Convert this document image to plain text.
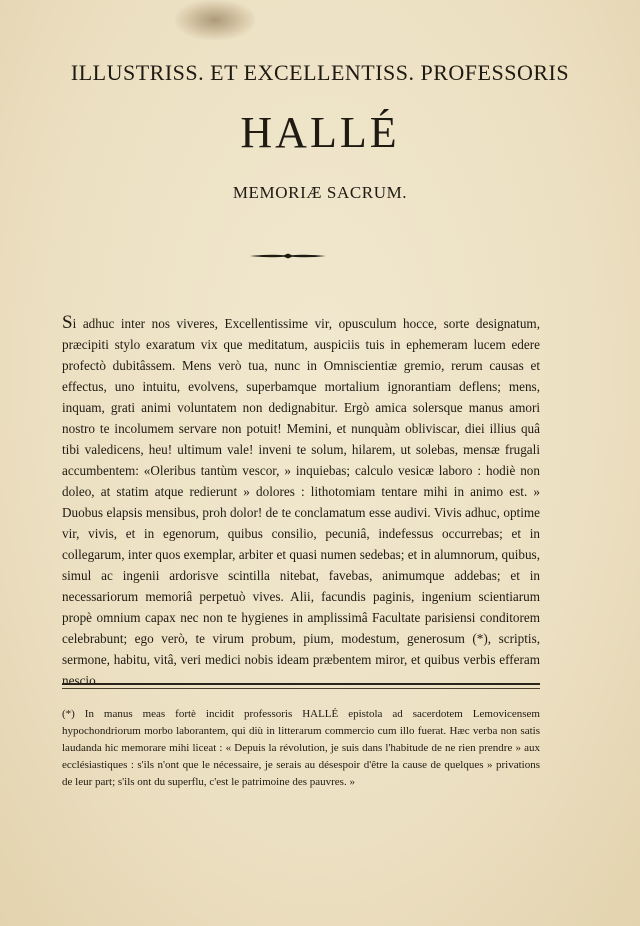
ILLUSTRISS. ET EXCELLENTISS. PROFESSORIS
HALLÉ
MEMORIÆ SACRUM.

Si adhuc inter nos viveres, Excellentissime vir, opusculum hocce, sorte designatum, præcipiti stylo exaratum vix que meditatum, auspiciis tuis in ephemeram lucem edere profectò dubitâssem. Mens verò tua, nunc in Omniscientiæ gremio, rerum causas et effectus, uno intuitu, evolvens, superbamque mortalium ignorantiam deflens; mens, inquam, grati animi voluntatem non dedignabitur. Ergò amica solersque manus amori nostro te incolumem servare non potuit! Memini, et nunquàm obliviscar, diei illius quâ tibi valedicens, heu! ultimum vale! inveni te solum, hilarem, ut solebas, mensæ frugali accumbentem: «Oleribus tantùm vescor, » inquiebas; calculo vesicæ laboro : hodiè non doleo, at statim atque redierunt » dolores : lithotomiam tentare mihi in animo est. » Duobus elapsis mensibus, proh dolor! de te conclamatum esse audivi. Vivis adhuc, optime vir, vivis, et in egenorum, quibus consilio, pecuniâ, indefessus occurrebas; et in collegarum, inter quos exemplar, arbiter et quasi numen sedebas; et in alumnorum, quibus, simul ac ingenii ardorisve scintilla nitebat, favebas, animumque addebas; et in necessariorum memoriâ perpetuò vives. Alii, facundis paginis, ingenium scientiarum propè omnium capax nec non te hygienes in amplissimâ Facultate parisiensi conditorem celebrabunt; ego verò, te virum probum, pium, modestum, generosum (*), scriptis, sermone, habitu, vitâ, veri medici nobis ideam præbentem miror, et quibus verbis efferam nescio.

(*) In manus meas fortè incidit professoris HALLÉ epistola ad sacerdotem Lemovicensem hypochondriorum morbo laborantem, qui diù in litterarum commercio cum illo fuerat. Hæc verba non satis laudanda hic memorare mihi liceat : « Depuis la révolution, je suis dans l'habitude de ne rien prendre » aux ecclésiastiques : s'ils n'ont que le nécessaire, je serais au désespoir d'être la cause de quelques » privations de leur part; s'ils ont du superflu, c'est le patrimoine des pauvres. »
